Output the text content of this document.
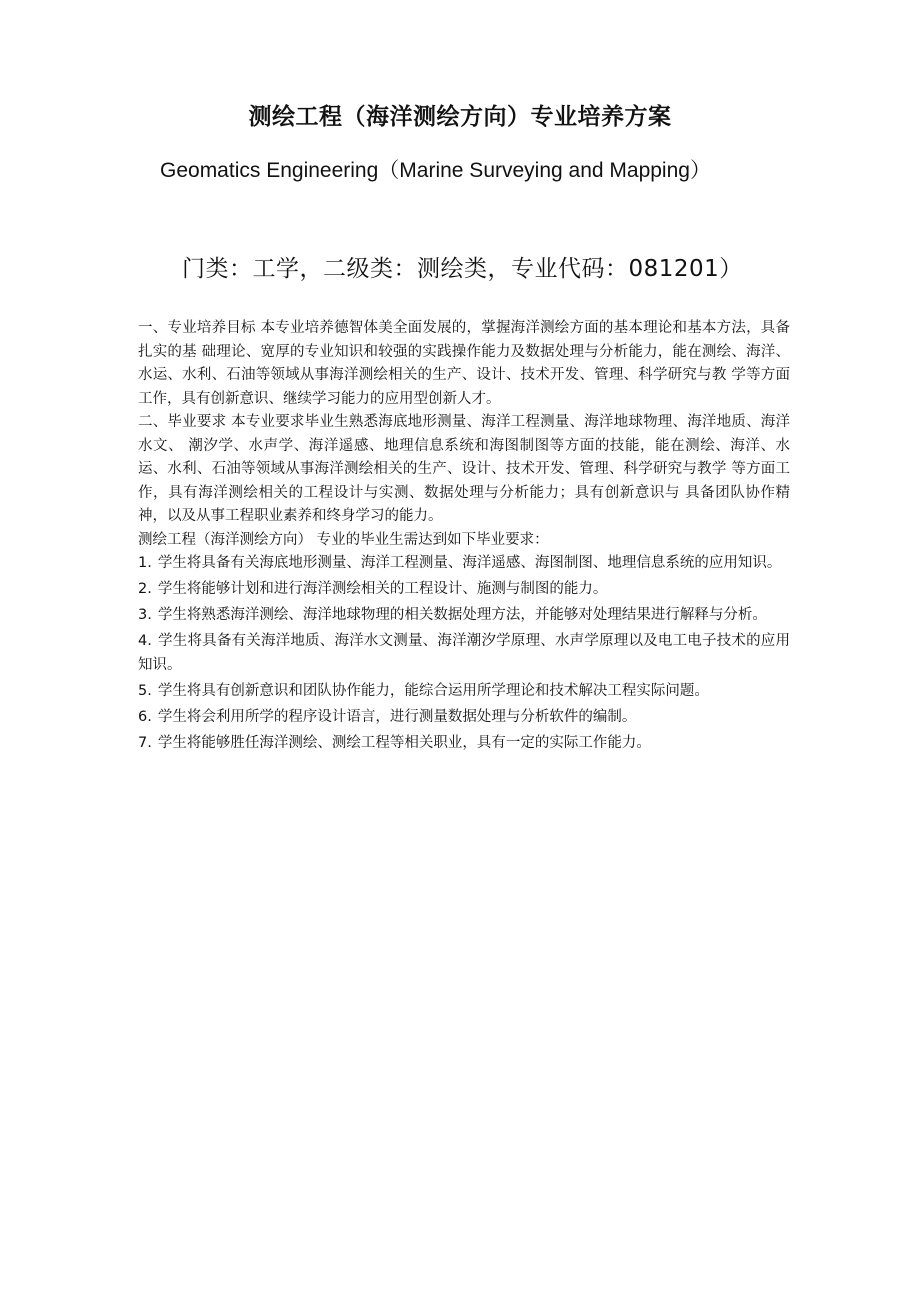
测绘工程（海洋测绘方向）专业培养方案
Geomatics Engineering（Marine Surveying and Mapping）
门类：工学，二级类：测绘类，专业代码：081201）

一、专业培养目标 本专业培养德智体美全面发展的，掌握海洋测绘方面的基本理论和基本方法，具备扎实的基 础理论、宽厚的专业知识和较强的实践操作能力及数据处理与分析能力，能在测绘、海洋、 水运、水利、石油等领域从事海洋测绘相关的生产、设计、技术开发、管理、科学研究与教 学等方面工作，具有创新意识、继续学习能力的应用型创新人才。

二、毕业要求 本专业要求毕业生熟悉海底地形测量、海洋工程测量、海洋地球物理、海洋地质、海洋水文、 潮汐学、水声学、海洋遥感、地理信息系统和海图制图等方面的技能，能在测绘、海洋、水 运、水利、石油等领域从事海洋测绘相关的生产、设计、技术开发、管理、科学研究与教学 等方面工作，具有海洋测绘相关的工程设计与实测、数据处理与分析能力；具有创新意识与 具备团队协作精神，以及从事工程职业素养和终身学习的能力。

测绘工程（海洋测绘方向） 专业的毕业生需达到如下毕业要求：

1. 学生将具备有关海底地形测量、海洋工程测量、海洋遥感、海图制图、地理信息系统的应用知识。

2. 学生将能够计划和进行海洋测绘相关的工程设计、施测与制图的能力。

3. 学生将熟悉海洋测绘、海洋地球物理的相关数据处理方法，并能够对处理结果进行解释与分析。

4. 学生将具备有关海洋地质、海洋水文测量、海洋潮汐学原理、水声学原理以及电工电子技术的应用知识。

5. 学生将具有创新意识和团队协作能力，能综合运用所学理论和技术解决工程实际问题。

6. 学生将会利用所学的程序设计语言，进行测量数据处理与分析软件的编制。

7. 学生将能够胜任海洋测绘、测绘工程等相关职业，具有一定的实际工作能力。
